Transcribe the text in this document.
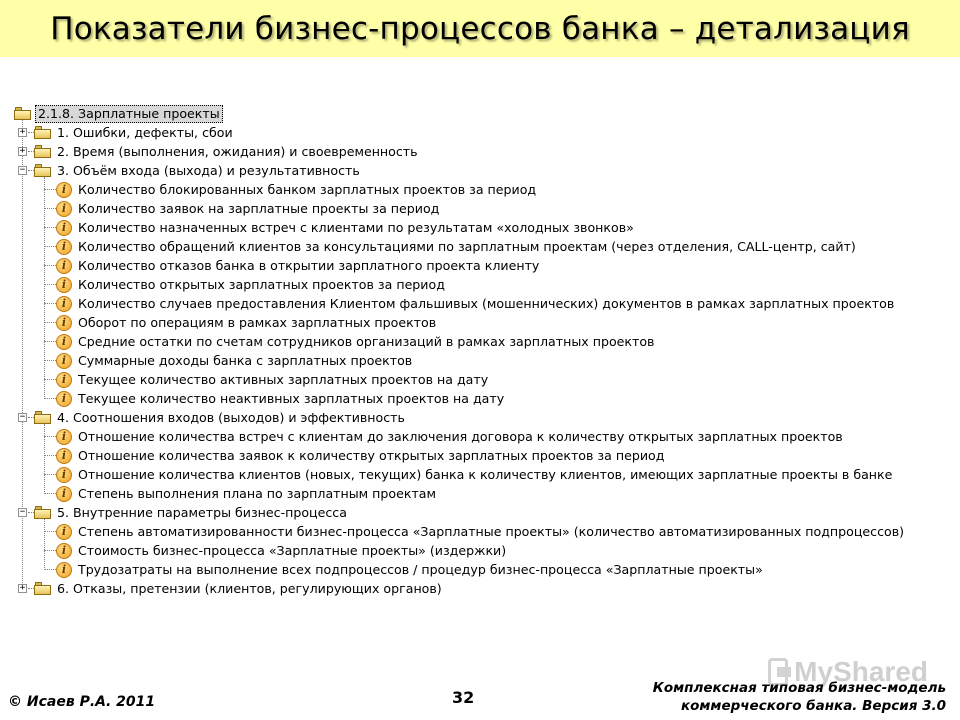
Показатели бизнес-процессов банка – детализация
2.1.8. Зарплатные проекты
+	1. Ошибки, дефекты, сбои
+	2. Время (выполнения, ожидания) и своевременность
−	3. Объём входа (выхода) и результативность
i Количество блокированных банком зарплатных проектов за период
i Количество заявок на зарплатные проекты за период
i Количество назначенных встреч с клиентами по результатам «холодных звонков»
i Количество обращений клиентов за консультациями по зарплатным проектам (через отделения, CALL-центр, сайт)
i Количество отказов банка в открытии зарплатного проекта клиенту
i Количество открытых зарплатных проектов за период
i Количество случаев предоставления Клиентом фальшивых (мошеннических) документов в рамках зарплатных проектов
i Оборот по операциям в рамках зарплатных проектов
i Средние остатки по счетам сотрудников организаций в рамках зарплатных проектов
i Суммарные доходы банка с зарплатных проектов
i Текущее количество активных зарплатных проектов на дату
i Текущее количество неактивных зарплатных проектов на дату
−	4. Соотношения входов (выходов) и эффективность
i Отношение количества встреч с клиентам до заключения договора к количеству открытых зарплатных проектов
i Отношение количества заявок к количеству открытых зарплатных проектов за период
i Отношение количества клиентов (новых, текущих) банка к количеству клиентов, имеющих зарплатные проекты в банке
i Степень выполнения плана по зарплатным проектам
−	5. Внутренние параметры бизнес-процесса
i Степень автоматизированности бизнес-процесса «Зарплатные проекты» (количество автоматизированных подпроцессов)
i Стоимость бизнес-процесса «Зарплатные проекты» (издержки)
i Трудозатраты на выполнение всех подпроцессов / процедур бизнес-процесса «Зарплатные проекты»
+	6. Отказы, претензии (клиентов, регулирующих органов)
MyShared
© Исаев Р.А. 2011	32	Комплексная типовая бизнес-модель
коммерческого банка. Версия 3.0
